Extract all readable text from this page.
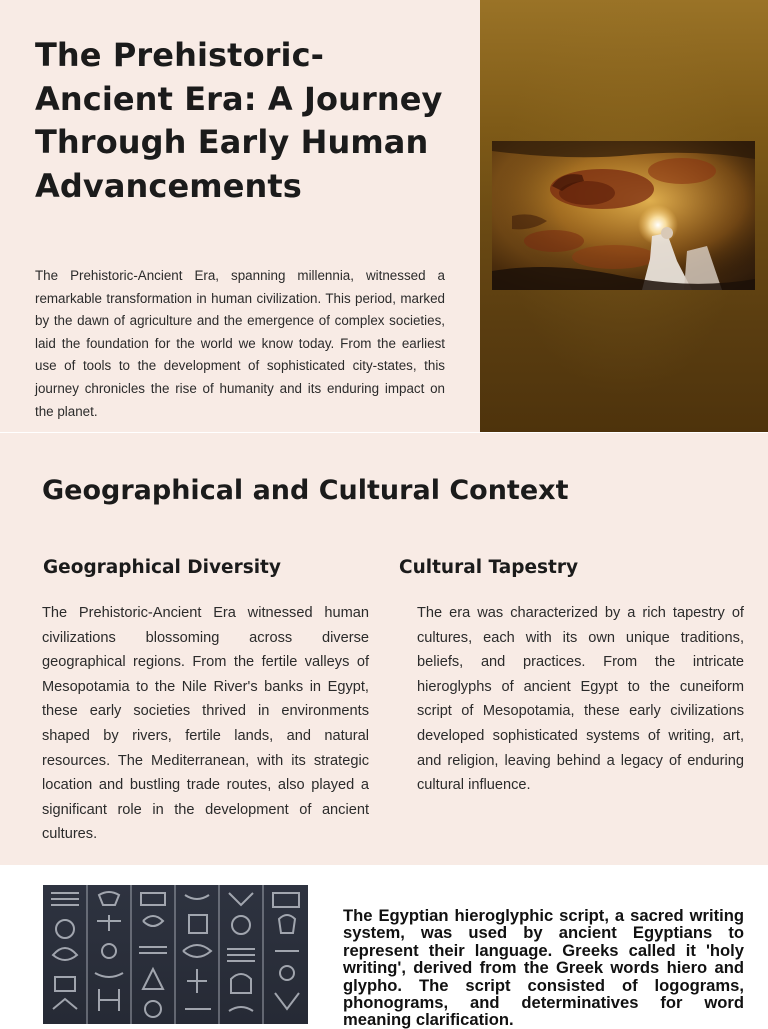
The Prehistoric-Ancient Era: A Journey Through Early Human Advancements

The Prehistoric-Ancient Era, spanning millennia, witnessed a remarkable transformation in human civilization. This period, marked by the dawn of agriculture and the emergence of complex societies, laid the foundation for the world we know today. From the earliest use of tools to the development of sophisticated city-states, this journey chronicles the rise of humanity and its enduring impact on the planet.

Geographical and Cultural Context
Geographical Diversity

The Prehistoric-Ancient Era witnessed human civilizations blossoming across diverse geographical regions. From the fertile valleys of Mesopotamia to the Nile River's banks in Egypt, these early societies thrived in environments shaped by rivers, fertile lands, and natural resources. The Mediterranean, with its strategic location and bustling trade routes, also played a significant role in the development of ancient cultures.

Cultural Tapestry

The era was characterized by a rich tapestry of cultures, each with its own unique traditions, beliefs, and practices. From the intricate hieroglyphs of ancient Egypt to the cuneiform script of Mesopotamia, these early civilizations developed sophisticated systems of writing, art, and religion, leaving behind a legacy of enduring cultural influence.

The Egyptian hieroglyphic script, a sacred writing system, was used by ancient Egyptians to represent their language. Greeks called it 'holy writing', derived from the Greek words hiero and glypho. The script consisted of logograms, phonograms, and determinatives for word meaning clarification.
